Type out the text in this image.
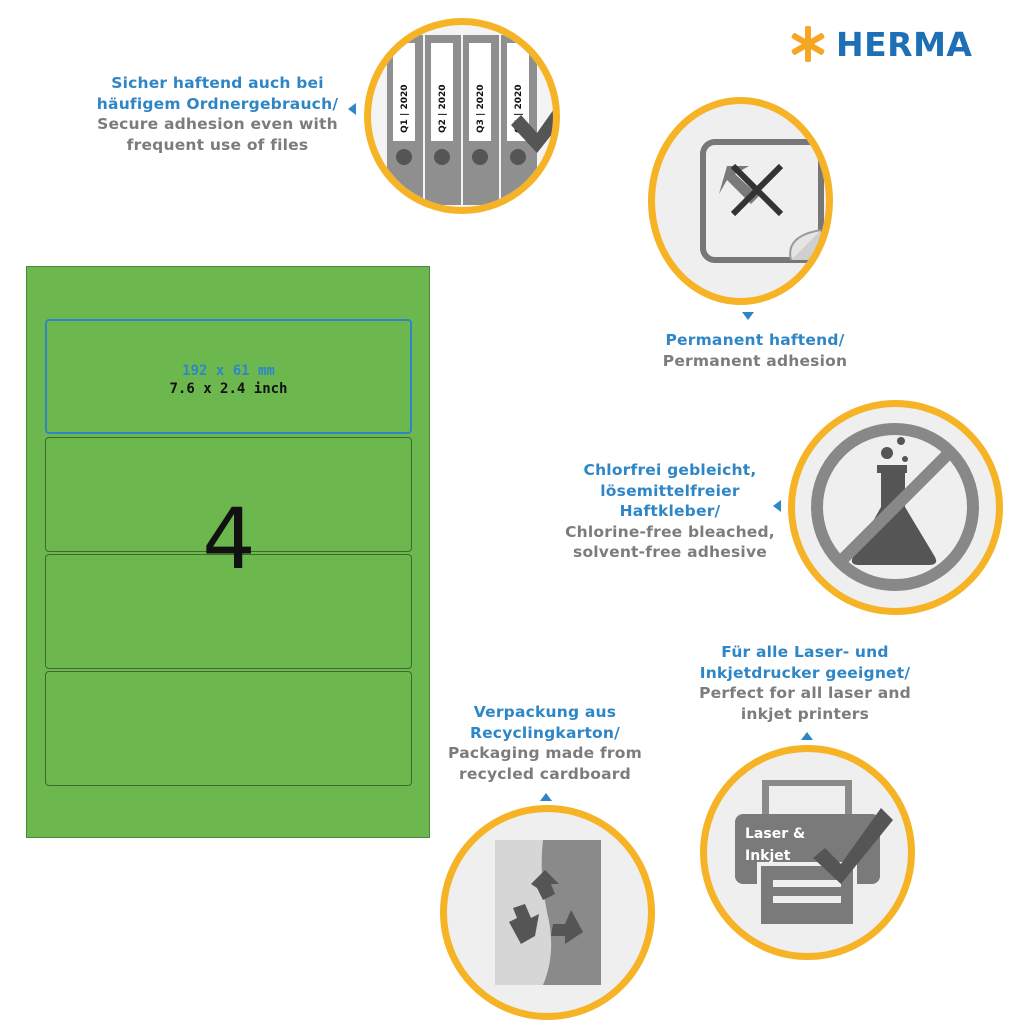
HERMA
Sicher haftend auch bei
häufigem Ordnergebrauch/
Secure adhesion even with
frequent use of files
Q1 | 2020	Q2 | 2020	Q3 | 2020	Q4 | 2020
Permanent haftend/
Permanent adhesion
192 x 61 mm
7.6 x 2.4 inch
4
Chlorfrei gebleicht,
lösemittelfreier
Haftkleber/
Chlorine-free bleached,
solvent-free adhesive
Für alle Laser- und
Inkjetdrucker geeignet/
Perfect for all laser and
inkjet printers
Laser &
Inkjet
Verpackung aus
Recyclingkarton/
Packaging made from
recycled cardboard
